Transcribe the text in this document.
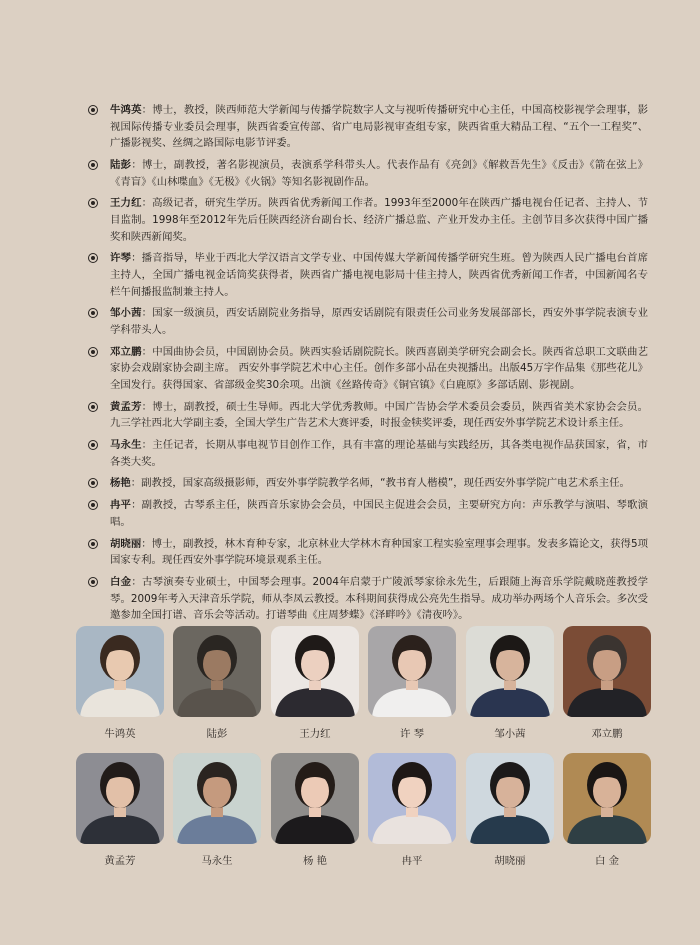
牛鸿英：博士，教授，陕西师范大学新闻与传播学院数字人文与视听传播研究中心主任，中国高校影视学会理事，影视国际传播专业委员会理事，陕西省委宣传部、省广电局影视审查组专家，陕西省重大精品工程、“五个一工程奖”、广播影视奖、丝绸之路国际电影节评委。
陆彭：博士，副教授，著名影视演员，表演系学科带头人。代表作品有《亮剑》《解救吾先生》《反击》《箭在弦上》《青盲》《山林喋血》《无极》《火锅》等知名影视剧作品。
王力红：高级记者，研究生学历。陕西省优秀新闻工作者。1993年至2000年在陕西广播电视台任记者、主持人、节目监制。1998年至2012年先后任陕西经济台副台长、经济广播总监、产业开发办主任。主创节目多次获得中国广播奖和陕西新闻奖。
许琴：播音指导，毕业于西北大学汉语言文学专业、中国传媒大学新闻传播学研究生班。曾为陕西人民广播电台首席主持人，全国广播电视金话筒奖获得者，陕西省广播电视电影局十佳主持人，陕西省优秀新闻工作者，中国新闻名专栏午间播报监制兼主持人。
邹小茜：国家一级演员，西安话剧院业务指导，原西安话剧院有限责任公司业务发展部部长，西安外事学院表演专业学科带头人。
邓立鹏：中国曲协会员，中国剧协会员。陕西实验话剧院院长。陕西喜剧美学研究会副会长。陕西省总职工文联曲艺家协会戏剧家协会副主席。 西安外事学院艺术中心主任。创作多部小品在央视播出。出版45万字作品集《那些花儿》全国发行。获得国家、省部级金奖30余项。出演《丝路传奇》《铜官镇》《白鹿原》多部话剧、影视剧。
黄孟芳：博士，副教授，硕士生导师。西北大学优秀教师。中国广告协会学术委员会委员，陕西省美术家协会会员。九三学社西北大学副主委，全国大学生广告艺术大赛评委，时报金犊奖评委，现任西安外事学院艺术设计系主任。
马永生：主任记者，长期从事电视节目创作工作，具有丰富的理论基础与实践经历，其各类电视作品获国家，省，市各类大奖。
杨艳：副教授，国家高级摄影师，西安外事学院教学名师，“教书育人楷模”，现任西安外事学院广电艺术系主任。
冉平：副教授，古琴系主任，陕西音乐家协会会员，中国民主促进会会员，主要研究方向：声乐教学与演唱、琴歌演唱。
胡晓丽：博士，副教授，林木育种专家，北京林业大学林木育种国家工程实验室理事会理事。发表多篇论文，获得5项国家专利。现任西安外事学院环境景观系主任。
白金：古琴演奏专业硕士，中国琴会理事。2004年启蒙于广陵派琴家徐永先生，后跟随上海音乐学院戴晓莲教授学琴。2009年考入天津音乐学院，师从李凤云教授。本科期间获得成公亮先生指导。成功举办两场个人音乐会。多次受邀参加全国打谱、音乐会等活动。打谱琴曲《庄周梦蝶》《泽畔吟》《清夜吟》。
牛鸿英	陆彭	王力红	许 琴	邹小茜	邓立鹏
黄孟芳	马永生	杨 艳	冉平	胡晓丽	白 金
